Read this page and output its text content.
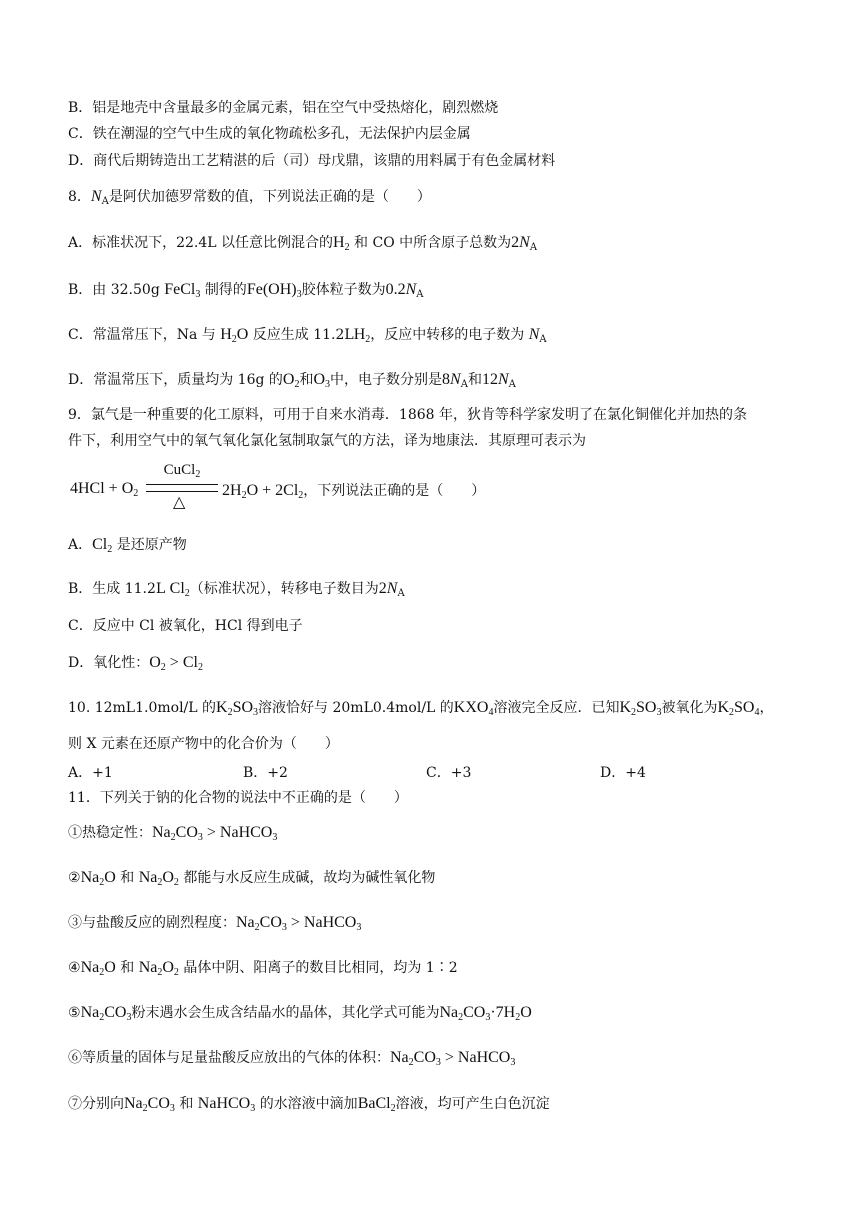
B．铝是地壳中含量最多的金属元素，铝在空气中受热熔化，剧烈燃烧
C．铁在潮湿的空气中生成的氧化物疏松多孔，无法保护内层金属
D．商代后期铸造出工艺精湛的后（司）母戊鼎，该鼎的用料属于有色金属材料
8．$N_A$是阿伏加德罗常数的值，下列说法正确的是（　　）
A．标准状况下，22.4L 以任意比例混合的$H_2$ 和 CO 中所含原子总数为$2N_A$
B．由 32.50g FeCl$_3$ 制得的$Fe(OH)_3$胶体粒子数为$0.2N_A$
C．常温常压下，Na 与 $H_2O$ 反应生成 $11.2LH_2$，反应中转移的电子数为 $N_A$
D．常温常压下，质量均为 16g 的$O_2$和$O_3$中，电子数分别是$8N_A$和$12N_A$
9．氯气是一种重要的化工原料，可用于自来水消毒．1868 年，狄肯等科学家发明了在氯化铜催化并加热的条
件下，利用空气中的氧气氧化氯化氢制取氯气的方法，译为地康法．其原理可表示为
$4HCl + O_2$
CuCl$_2$
△
$2H_2O + 2Cl_2$，下列说法正确的是（　　）
A．$Cl_2$ 是还原产物
B．生成 11.2L $Cl_2$（标准状况），转移电子数目为$2N_A$
C．反应中 Cl 被氧化，HCl 得到电子
D．氧化性：$O_2 > Cl_2$
10. 12mL1.0mol/L 的$K_2SO_3$溶液恰好与 20mL0.4mol/L 的$KXO_4$溶液完全反应．已知$K_2SO_3$被氧化为$K_2SO_4$，
则 X 元素在还原产物中的化合价为（　　）
A．+1	B．+2	C．+3	D．+4
11．下列关于钠的化合物的说法中不正确的是（　　）
①热稳定性：$Na_2CO_3$ > NaHCO$_3$
$②Na_2O$ 和 $Na_2O_2$ 都能与水反应生成碱，故均为碱性氧化物
③与盐酸反应的剧烈程度：$Na_2CO_3$ > NaHCO$_3$
$④Na_2O$ 和 $Na_2O_2$ 晶体中阴、阳离子的数目比相同，均为 1∶2
$⑤Na_2CO_3$粉末遇水会生成含结晶水的晶体，其化学式可能为$Na_2CO_3\cdot 7H_2O$
⑥等质量的固体与足量盐酸反应放出的气体的体积：$Na_2CO_3$ > NaHCO$_3$
⑦分别向$Na_2CO_3$ 和 NaHCO$_3$ 的水溶液中滴加BaCl$_2$溶液，均可产生白色沉淀
